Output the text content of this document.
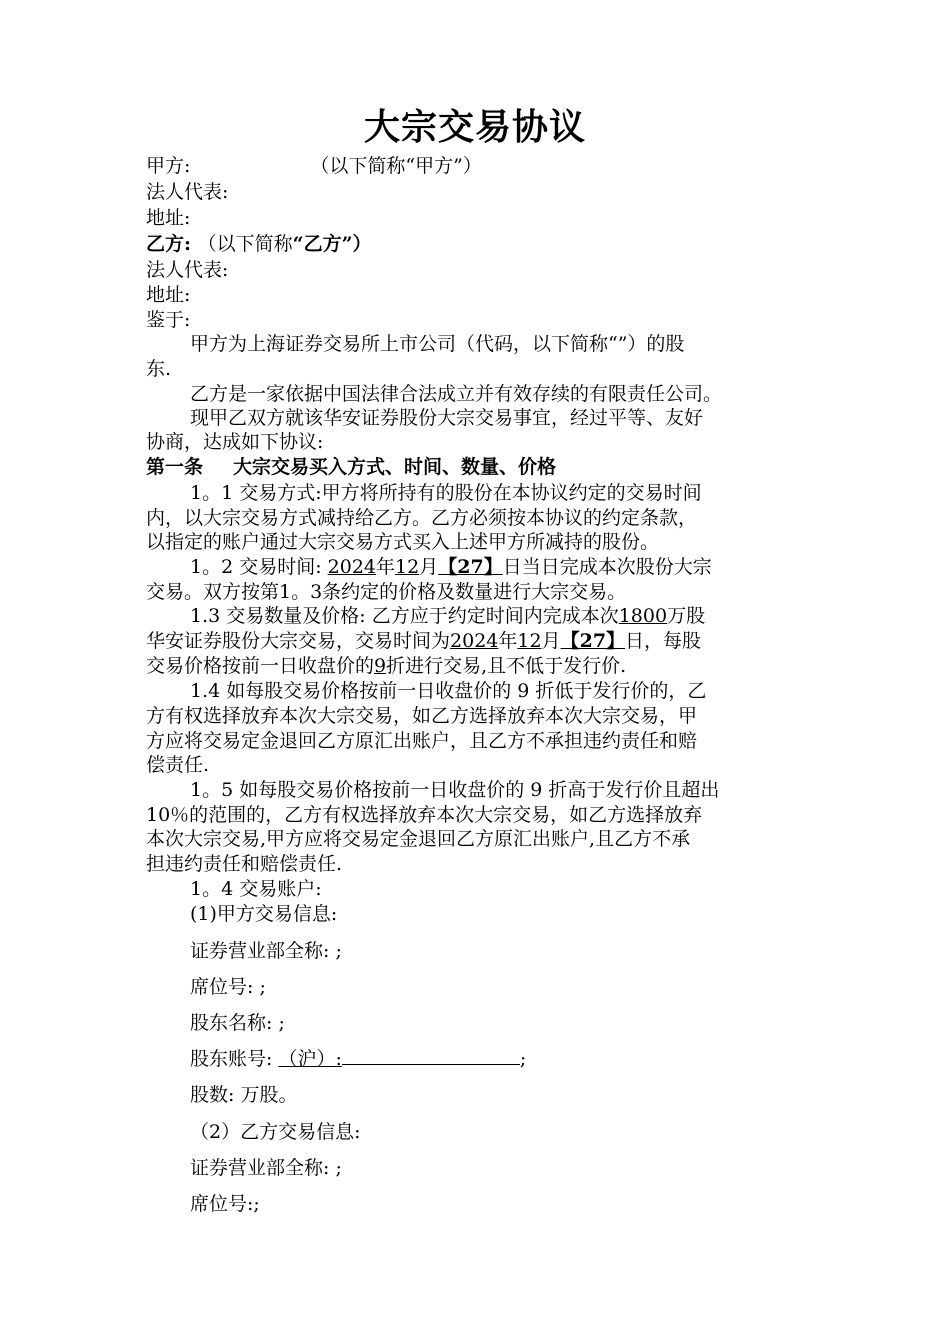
大宗交易协议
甲方:	（以下简称“甲方”）
法人代表:
地址:
乙方: （以下简称“乙方”）
法人代表:
地址:
鉴于:
甲方为上海证券交易所上市公司（代码，以下简称“”）的股
东.
乙方是一家依据中国法律合法成立并有效存续的有限责任公司。
现甲乙双方就该华安证券股份大宗交易事宜，经过平等、友好
协商，达成如下协议:
第一条 大宗交易买入方式、时间、数量、价格
1。1 交易方式:甲方将所持有的股份在本协议约定的交易时间
内，以大宗交易方式减持给乙方。乙方必须按本协议的约定条款，
以指定的账户通过大宗交易方式买入上述甲方所减持的股份。
1。2 交易时间: 2024年12月【27】日当日完成本次股份大宗
交易。双方按第1。3条约定的价格及数量进行大宗交易。
1.3 交易数量及价格: 乙方应于约定时间内完成本次1800万股
华安证券股份大宗交易，交易时间为2024年12月【27】日，每股
交易价格按前一日收盘价的9折进行交易,且不低于发行价.
1.4 如每股交易价格按前一日收盘价的 9 折低于发行价的，乙
方有权选择放弃本次大宗交易，如乙方选择放弃本次大宗交易，甲
方应将交易定金退回乙方原汇出账户，且乙方不承担违约责任和赔
偿责任.
1。5 如每股交易价格按前一日收盘价的 9 折高于发行价且超出
10％的范围的，乙方有权选择放弃本次大宗交易，如乙方选择放弃
本次大宗交易,甲方应将交易定金退回乙方原汇出账户,且乙方不承
担违约责任和赔偿责任.
1。4 交易账户:
(1)甲方交易信息:
证券营业部全称: ;
席位号: ;
股东名称: ;
股东账号: （沪）:	;
股数: 万股。
（2）乙方交易信息:
证券营业部全称: ;
席位号:;
